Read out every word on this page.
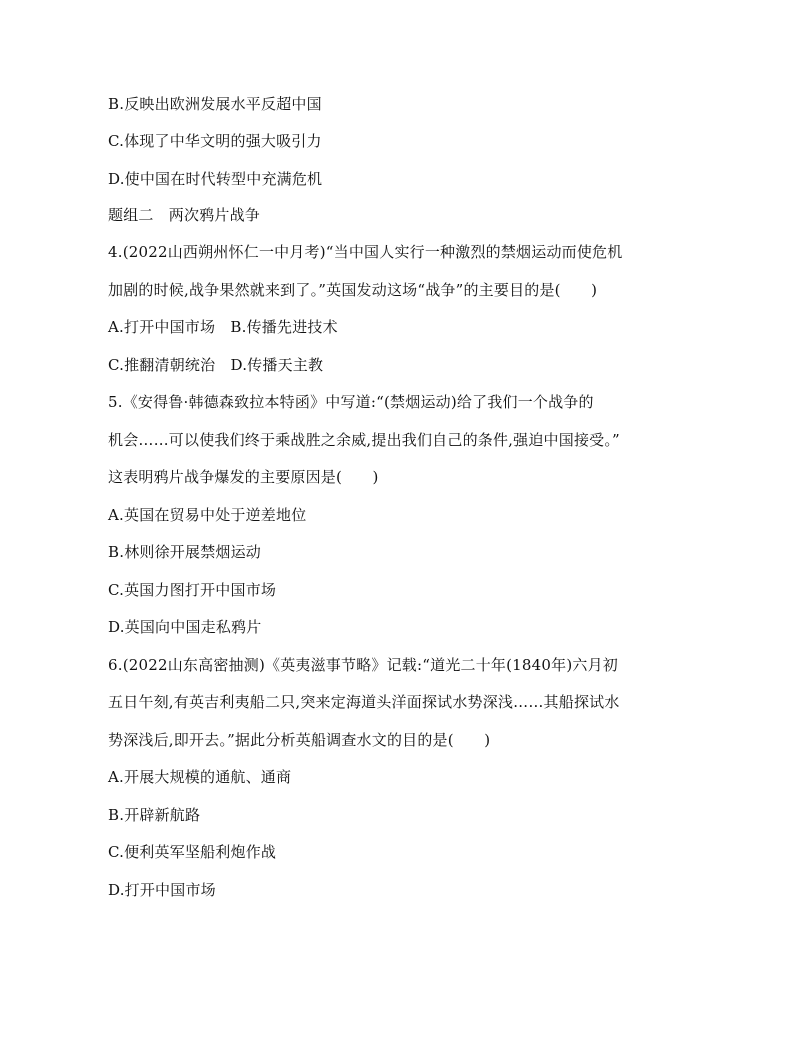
B.反映出欧洲发展水平反超中国
C.体现了中华文明的强大吸引力
D.使中国在时代转型中充满危机
题组二　两次鸦片战争
4.(2022山西朔州怀仁一中月考)“当中国人实行一种激烈的禁烟运动而使危机
加剧的时候,战争果然就来到了。”英国发动这场“战争”的主要目的是(　　)
A.打开中国市场　B.传播先进技术
C.推翻清朝统治　D.传播天主教
5.《安得鲁·韩德森致拉本特函》中写道:“(禁烟运动)给了我们一个战争的
机会……可以使我们终于乘战胜之余威,提出我们自己的条件,强迫中国接受。”
这表明鸦片战争爆发的主要原因是(　　)
A.英国在贸易中处于逆差地位
B.林则徐开展禁烟运动
C.英国力图打开中国市场
D.英国向中国走私鸦片
6.(2022山东高密抽测)《英夷滋事节略》记载:“道光二十年(1840年)六月初
五日午刻,有英吉利夷船二只,突来定海道头洋面探试水势深浅……其船探试水
势深浅后,即开去。”据此分析英船调查水文的目的是(　　)
A.开展大规模的通航、通商
B.开辟新航路
C.便利英军坚船利炮作战
D.打开中国市场
